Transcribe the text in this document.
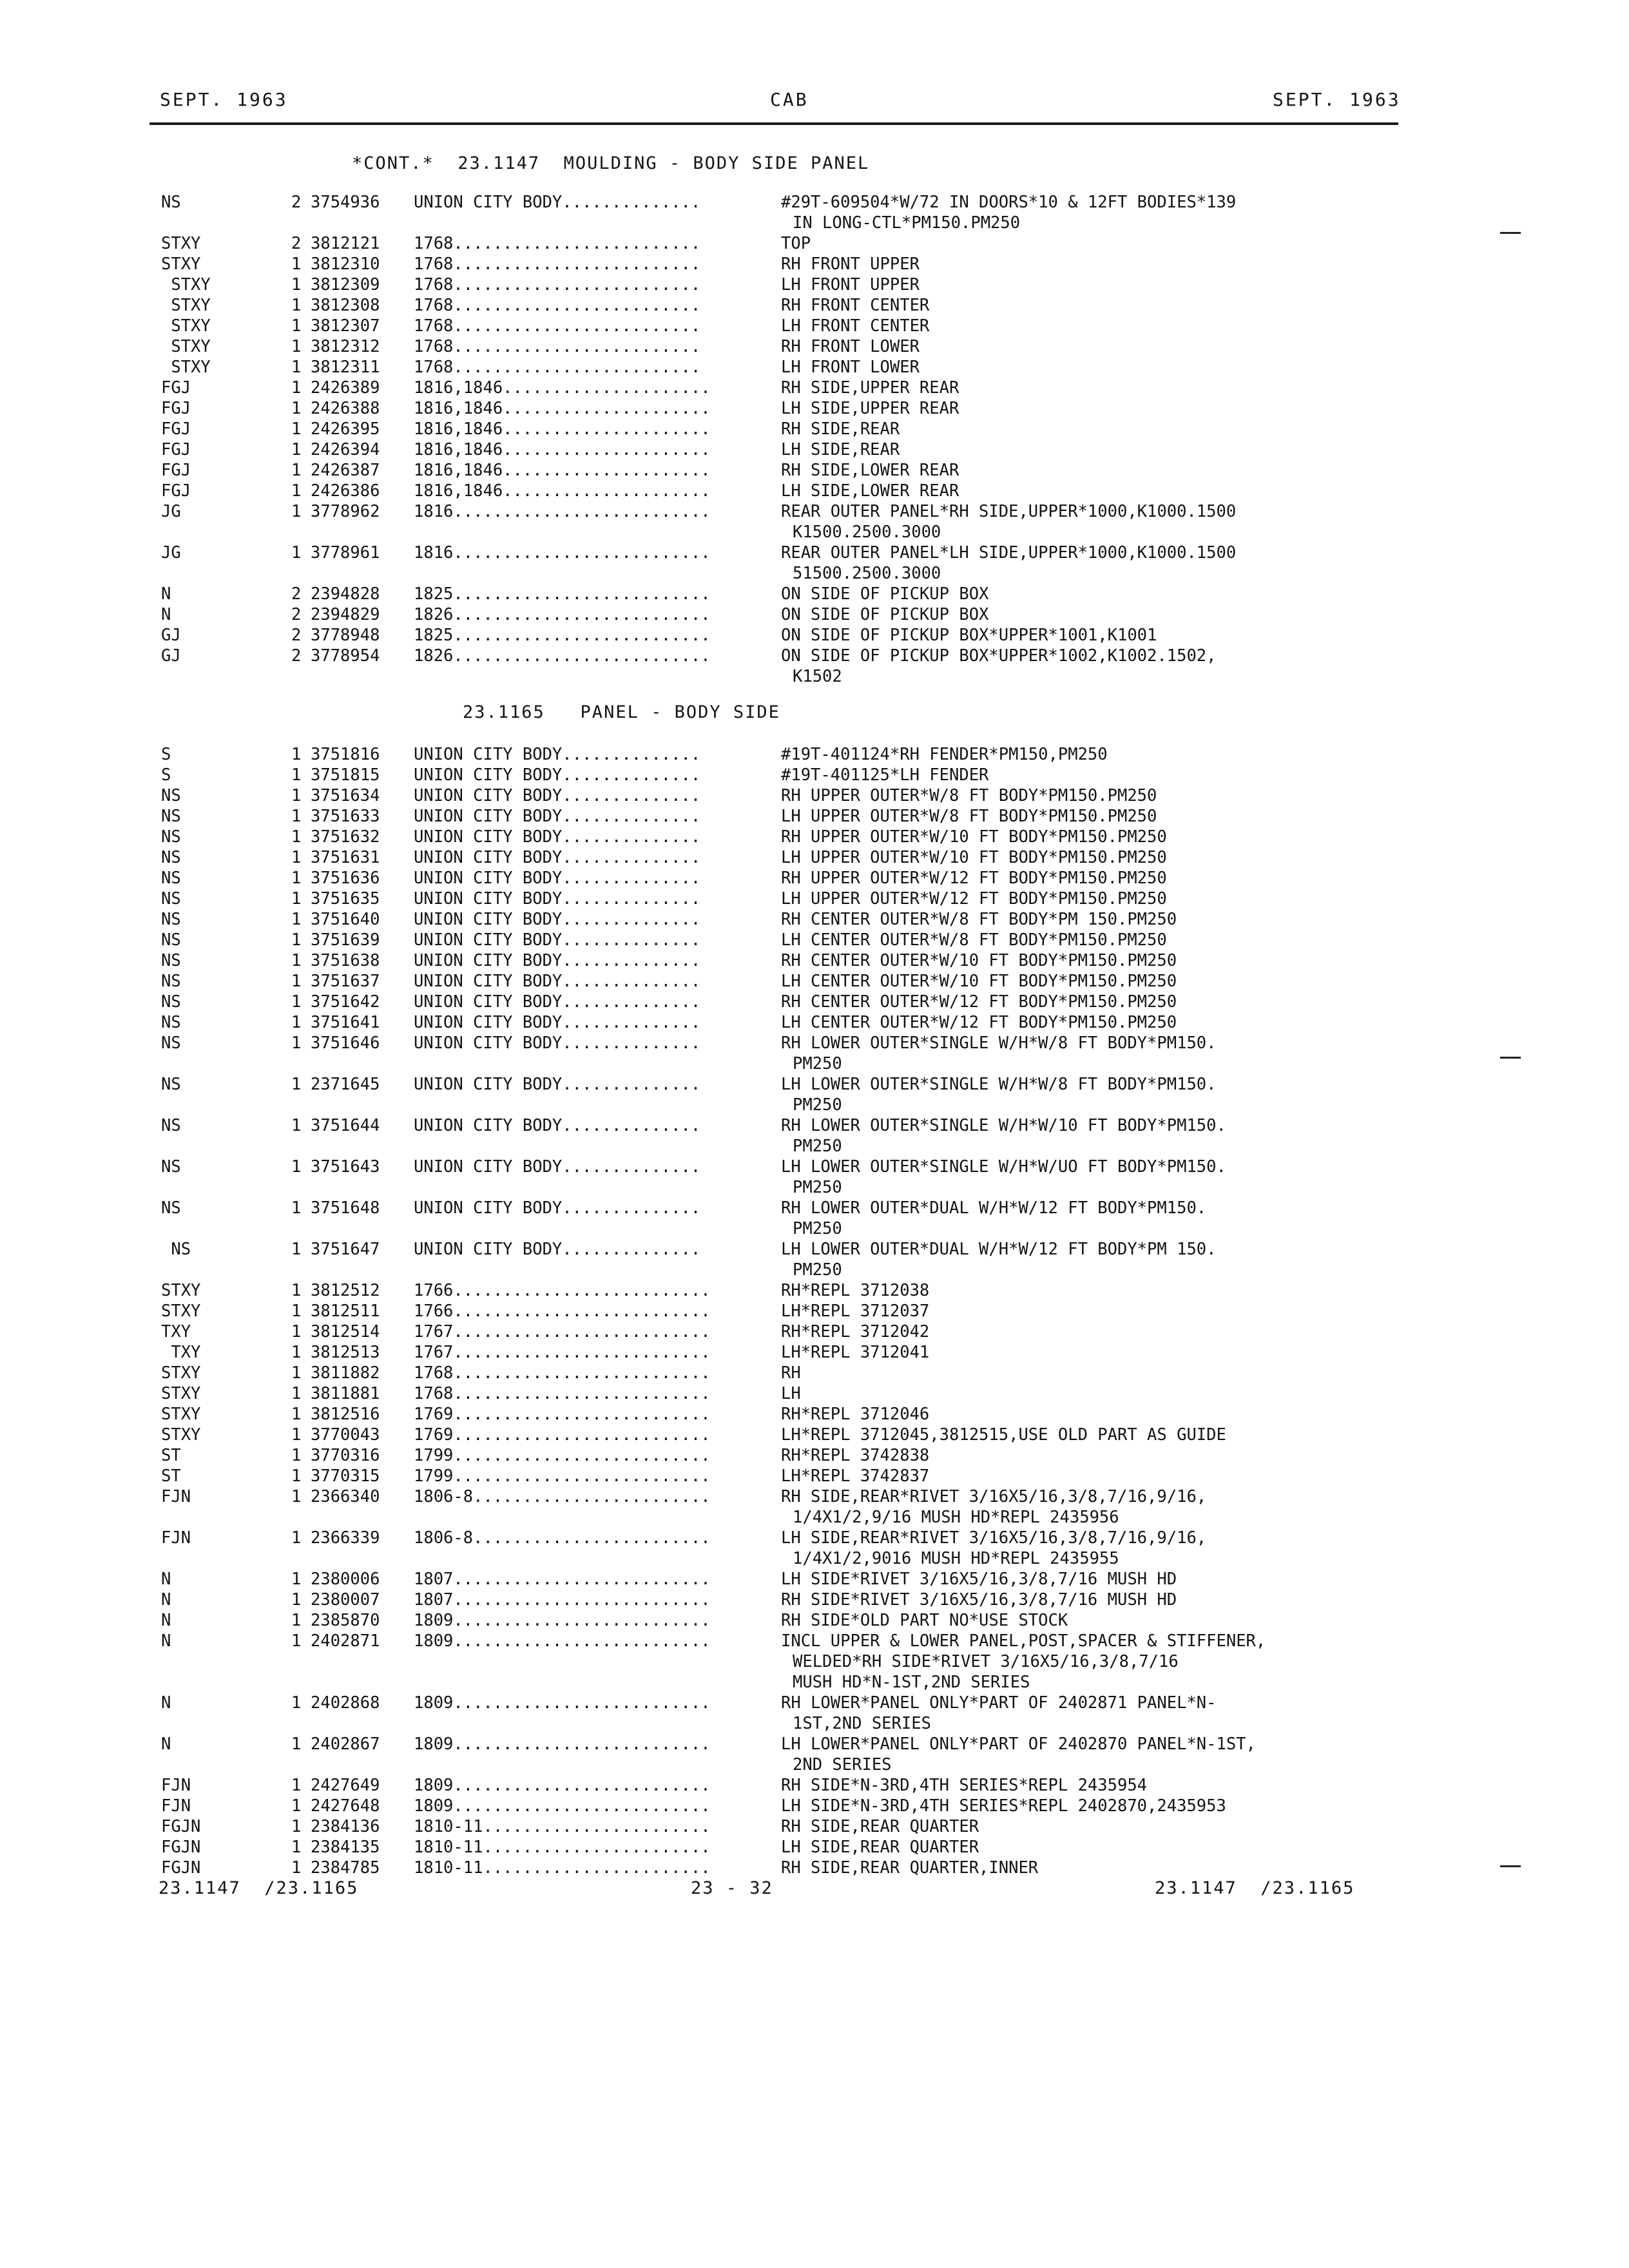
SEPT. 1963	CAB	SEPT. 1963
*CONT.*  23.1147  MOULDING - BODY SIDE PANEL
NS	2 3754936 UNION CITY BODY..............	#29T-609504*W/72 IN DOORS*10 & 12FT BODIES*139
IN LONG-CTL*PM150.PM250
STXY	2 3812121 1768.........................	TOP
STXY	1 3812310 1768.........................	RH FRONT UPPER
STXY	1 3812309 1768.........................	LH FRONT UPPER
STXY	1 3812308 1768.........................	RH FRONT CENTER
STXY	1 3812307 1768.........................	LH FRONT CENTER
STXY	1 3812312 1768.........................	RH FRONT LOWER
STXY	1 3812311 1768.........................	LH FRONT LOWER
FGJ	1 2426389 1816,1846.....................	RH SIDE,UPPER REAR
FGJ	1 2426388 1816,1846.....................	LH SIDE,UPPER REAR
FGJ	1 2426395 1816,1846.....................	RH SIDE,REAR
FGJ	1 2426394 1816,1846.....................	LH SIDE,REAR
FGJ	1 2426387 1816,1846.....................	RH SIDE,LOWER REAR
FGJ	1 2426386 1816,1846.....................	LH SIDE,LOWER REAR
JG	1 3778962 1816..........................	REAR OUTER PANEL*RH SIDE,UPPER*1000,K1000.1500
K1500.2500.3000
JG	1 3778961 1816..........................	REAR OUTER PANEL*LH SIDE,UPPER*1000,K1000.1500
51500.2500.3000
N	2 2394828 1825..........................	ON SIDE OF PICKUP BOX
N	2 2394829 1826..........................	ON SIDE OF PICKUP BOX
GJ	2 3778948 1825..........................	ON SIDE OF PICKUP BOX*UPPER*1001,K1001
GJ	2 3778954 1826..........................	ON SIDE OF PICKUP BOX*UPPER*1002,K1002.1502,
K1502
23.1165   PANEL - BODY SIDE
S	1 3751816 UNION CITY BODY..............	#19T-401124*RH FENDER*PM150,PM250
S	1 3751815 UNION CITY BODY..............	#19T-401125*LH FENDER
NS	1 3751634 UNION CITY BODY..............	RH UPPER OUTER*W/8 FT BODY*PM150.PM250
NS	1 3751633 UNION CITY BODY..............	LH UPPER OUTER*W/8 FT BODY*PM150.PM250
NS	1 3751632 UNION CITY BODY..............	RH UPPER OUTER*W/10 FT BODY*PM150.PM250
NS	1 3751631 UNION CITY BODY..............	LH UPPER OUTER*W/10 FT BODY*PM150.PM250
NS	1 3751636 UNION CITY BODY..............	RH UPPER OUTER*W/12 FT BODY*PM150.PM250
NS	1 3751635 UNION CITY BODY..............	LH UPPER OUTER*W/12 FT BODY*PM150.PM250
NS	1 3751640 UNION CITY BODY..............	RH CENTER OUTER*W/8 FT BODY*PM 150.PM250
NS	1 3751639 UNION CITY BODY..............	LH CENTER OUTER*W/8 FT BODY*PM150.PM250
NS	1 3751638 UNION CITY BODY..............	RH CENTER OUTER*W/10 FT BODY*PM150.PM250
NS	1 3751637 UNION CITY BODY..............	LH CENTER OUTER*W/10 FT BODY*PM150.PM250
NS	1 3751642 UNION CITY BODY..............	RH CENTER OUTER*W/12 FT BODY*PM150.PM250
NS	1 3751641 UNION CITY BODY..............	LH CENTER OUTER*W/12 FT BODY*PM150.PM250
NS	1 3751646 UNION CITY BODY..............	RH LOWER OUTER*SINGLE W/H*W/8 FT BODY*PM150.
PM250
NS	1 2371645 UNION CITY BODY..............	LH LOWER OUTER*SINGLE W/H*W/8 FT BODY*PM150.
PM250
NS	1 3751644 UNION CITY BODY..............	RH LOWER OUTER*SINGLE W/H*W/10 FT BODY*PM150.
PM250
NS	1 3751643 UNION CITY BODY..............	LH LOWER OUTER*SINGLE W/H*W/UO FT BODY*PM150.
PM250
NS	1 3751648 UNION CITY BODY..............	RH LOWER OUTER*DUAL W/H*W/12 FT BODY*PM150.
PM250
NS	1 3751647 UNION CITY BODY..............	LH LOWER OUTER*DUAL W/H*W/12 FT BODY*PM 150.
PM250
STXY	1 3812512 1766..........................	RH*REPL 3712038
STXY	1 3812511 1766..........................	LH*REPL 3712037
TXY	1 3812514 1767..........................	RH*REPL 3712042
TXY	1 3812513 1767..........................	LH*REPL 3712041
STXY	1 3811882 1768..........................	RH
STXY	1 3811881 1768..........................	LH
STXY	1 3812516 1769..........................	RH*REPL 3712046
STXY	1 3770043 1769..........................	LH*REPL 3712045,3812515,USE OLD PART AS GUIDE
ST	1 3770316 1799..........................	RH*REPL 3742838
ST	1 3770315 1799..........................	LH*REPL 3742837
FJN	1 2366340 1806-8........................	RH SIDE,REAR*RIVET 3/16X5/16,3/8,7/16,9/16,
1/4X1/2,9/16 MUSH HD*REPL 2435956
FJN	1 2366339 1806-8........................	LH SIDE,REAR*RIVET 3/16X5/16,3/8,7/16,9/16,
1/4X1/2,9016 MUSH HD*REPL 2435955
N	1 2380006 1807..........................	LH SIDE*RIVET 3/16X5/16,3/8,7/16 MUSH HD
N	1 2380007 1807..........................	RH SIDE*RIVET 3/16X5/16,3/8,7/16 MUSH HD
N	1 2385870 1809..........................	RH SIDE*OLD PART NO*USE STOCK
N	1 2402871 1809..........................	INCL UPPER & LOWER PANEL,POST,SPACER & STIFFENER,
WELDED*RH SIDE*RIVET 3/16X5/16,3/8,7/16
MUSH HD*N-1ST,2ND SERIES
N	1 2402868 1809..........................	RH LOWER*PANEL ONLY*PART OF 2402871 PANEL*N-
1ST,2ND SERIES
N	1 2402867 1809..........................	LH LOWER*PANEL ONLY*PART OF 2402870 PANEL*N-1ST,
2ND SERIES
FJN	1 2427649 1809..........................	RH SIDE*N-3RD,4TH SERIES*REPL 2435954
FJN	1 2427648 1809..........................	LH SIDE*N-3RD,4TH SERIES*REPL 2402870,2435953
FGJN	1 2384136 1810-11.......................	RH SIDE,REAR QUARTER
FGJN	1 2384135 1810-11.......................	LH SIDE,REAR QUARTER
FGJN	1 2384785 1810-11.......................	RH SIDE,REAR QUARTER,INNER
23.1147  /23.1165	23 - 32	23.1147  /23.1165
